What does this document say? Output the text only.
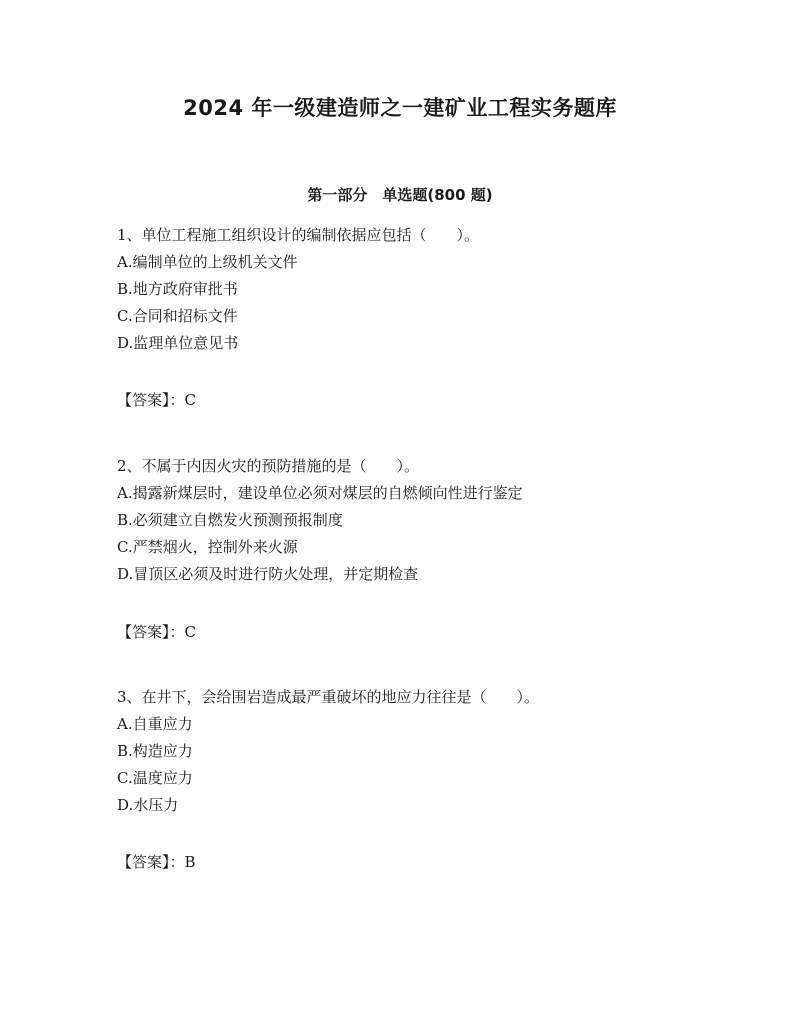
2024 年一级建造师之一建矿业工程实务题库
第一部分　单选题(800 题)
1、单位工程施工组织设计的编制依据应包括（　　）。
A.编制单位的上级机关文件
B.地方政府审批书
C.合同和招标文件
D.监理单位意见书
【答案】：C
2、不属于内因火灾的预防措施的是（　　）。
A.揭露新煤层时，建设单位必须对煤层的自燃倾向性进行鉴定
B.必须建立自燃发火预测预报制度
C.严禁烟火，控制外来火源
D.冒顶区必须及时进行防火处理，并定期检查
【答案】：C
3、在井下，会给围岩造成最严重破坏的地应力往往是（　　）。
A.自重应力
B.构造应力
C.温度应力
D.水压力
【答案】：B
